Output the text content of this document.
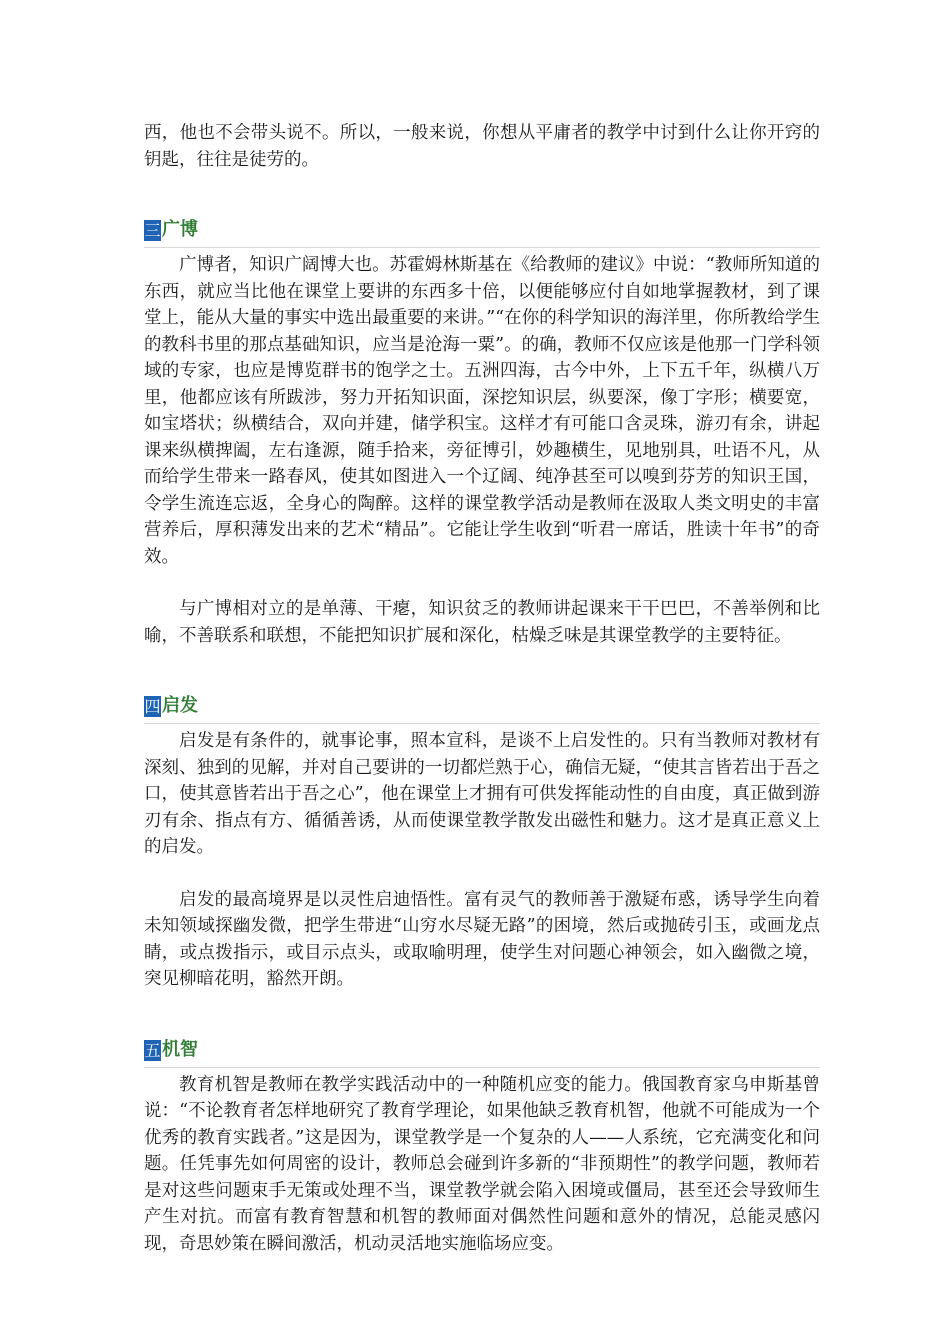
西，他也不会带头说不。所以，一般来说，你想从平庸者的教学中讨到什么让你开窍的钥匙，往往是徒劳的。

三 广博

广博者，知识广阔博大也。苏霍姆林斯基在《给教师的建议》中说：“教师所知道的东西，就应当比他在课堂上要讲的东西多十倍，以便能够应付自如地掌握教材，到了课堂上，能从大量的事实中选出最重要的来讲。”“在你的科学知识的海洋里，你所教给学生的教科书里的那点基础知识，应当是沧海一粟”。的确，教师不仅应该是他那一门学科领域的专家，也应是博览群书的饱学之士。五洲四海，古今中外，上下五千年，纵横八万里，他都应该有所跋涉，努力开拓知识面，深挖知识层，纵要深，像丁字形；横要宽，如宝塔状；纵横结合，双向并建，储学积宝。这样才有可能口含灵珠，游刃有余，讲起课来纵横捭阖，左右逢源，随手拾来，旁征博引，妙趣横生，见地别具，吐语不凡，从而给学生带来一路春风，使其如图进入一个辽阔、纯净甚至可以嗅到芬芳的知识王国，令学生流连忘返，全身心的陶醉。这样的课堂教学活动是教师在汲取人类文明史的丰富营养后，厚积薄发出来的艺术“精品”。它能让学生收到“听君一席话，胜读十年书”的奇效。

与广博相对立的是单薄、干瘪，知识贫乏的教师讲起课来干干巴巴，不善举例和比喻，不善联系和联想，不能把知识扩展和深化，枯燥乏味是其课堂教学的主要特征。

四 启发

启发是有条件的，就事论事，照本宣科，是谈不上启发性的。只有当教师对教材有深刻、独到的见解，并对自己要讲的一切都烂熟于心，确信无疑，“使其言皆若出于吾之口，使其意皆若出于吾之心”，他在课堂上才拥有可供发挥能动性的自由度，真正做到游刃有余、指点有方、循循善诱，从而使课堂教学散发出磁性和魅力。这才是真正意义上的启发。

启发的最高境界是以灵性启迪悟性。富有灵气的教师善于激疑布惑，诱导学生向着未知领域探幽发微，把学生带进“山穷水尽疑无路”的困境，然后或抛砖引玉，或画龙点睛，或点拨指示，或目示点头，或取喻明理，使学生对问题心神领会，如入幽微之境，突见柳暗花明，豁然开朗。

五 机智

教育机智是教师在教学实践活动中的一种随机应变的能力。俄国教育家乌申斯基曾说：“不论教育者怎样地研究了教育学理论，如果他缺乏教育机智，他就不可能成为一个优秀的教育实践者。”这是因为，课堂教学是一个复杂的人——人系统，它充满变化和问题。任凭事先如何周密的设计，教师总会碰到许多新的“非预期性”的教学问题，教师若是对这些问题束手无策或处理不当，课堂教学就会陷入困境或僵局，甚至还会导致师生产生对抗。而富有教育智慧和机智的教师面对偶然性问题和意外的情况，总能灵感闪现，奇思妙策在瞬间激活，机动灵活地实施临场应变。
